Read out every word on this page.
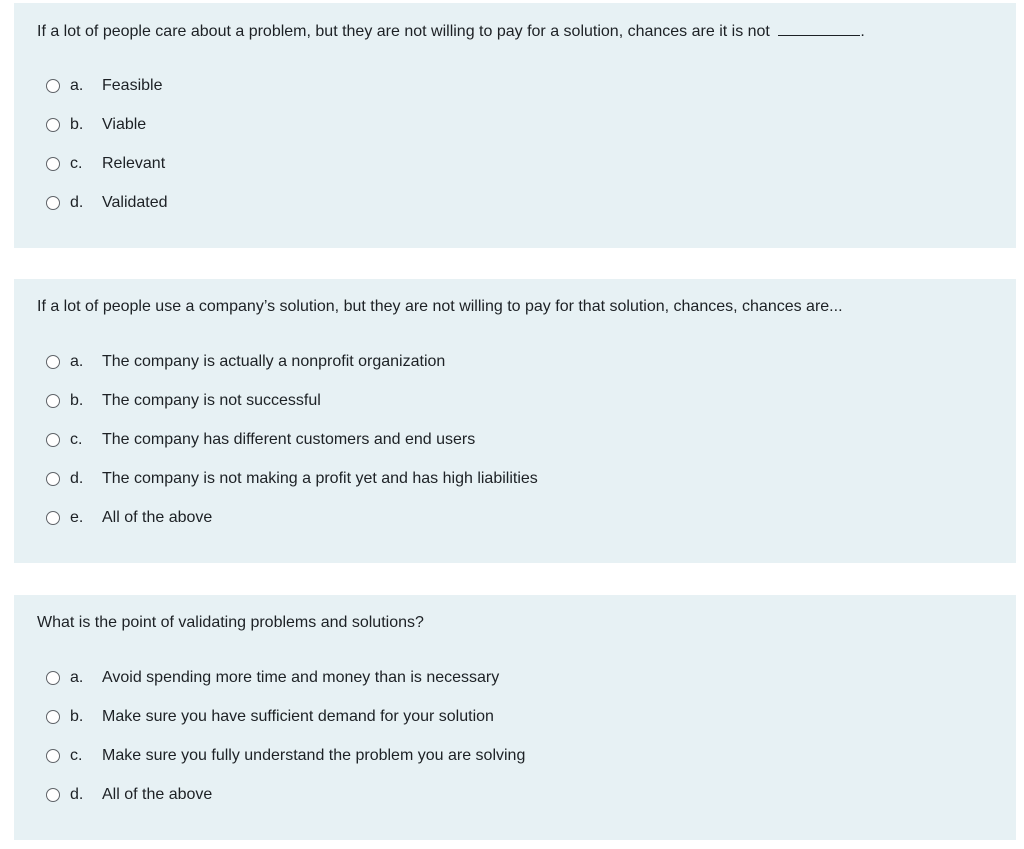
If a lot of people care about a problem, but they are not willing to pay for a solution, chances are it is not	.

a.	Feasible
b.	Viable
c.	Relevant
d.	Validated

If a lot of people use a company’s solution, but they are not willing to pay for that solution, chances, chances are...

a.	The company is actually a nonprofit organization
b.	The company is not successful
c.	The company has different customers and end users
d.	The company is not making a profit yet and has high liabilities
e.	All of the above

What is the point of validating problems and solutions?

a.	Avoid spending more time and money than is necessary
b.	Make sure you have sufficient demand for your solution
c.	Make sure you fully understand the problem you are solving
d.	All of the above
